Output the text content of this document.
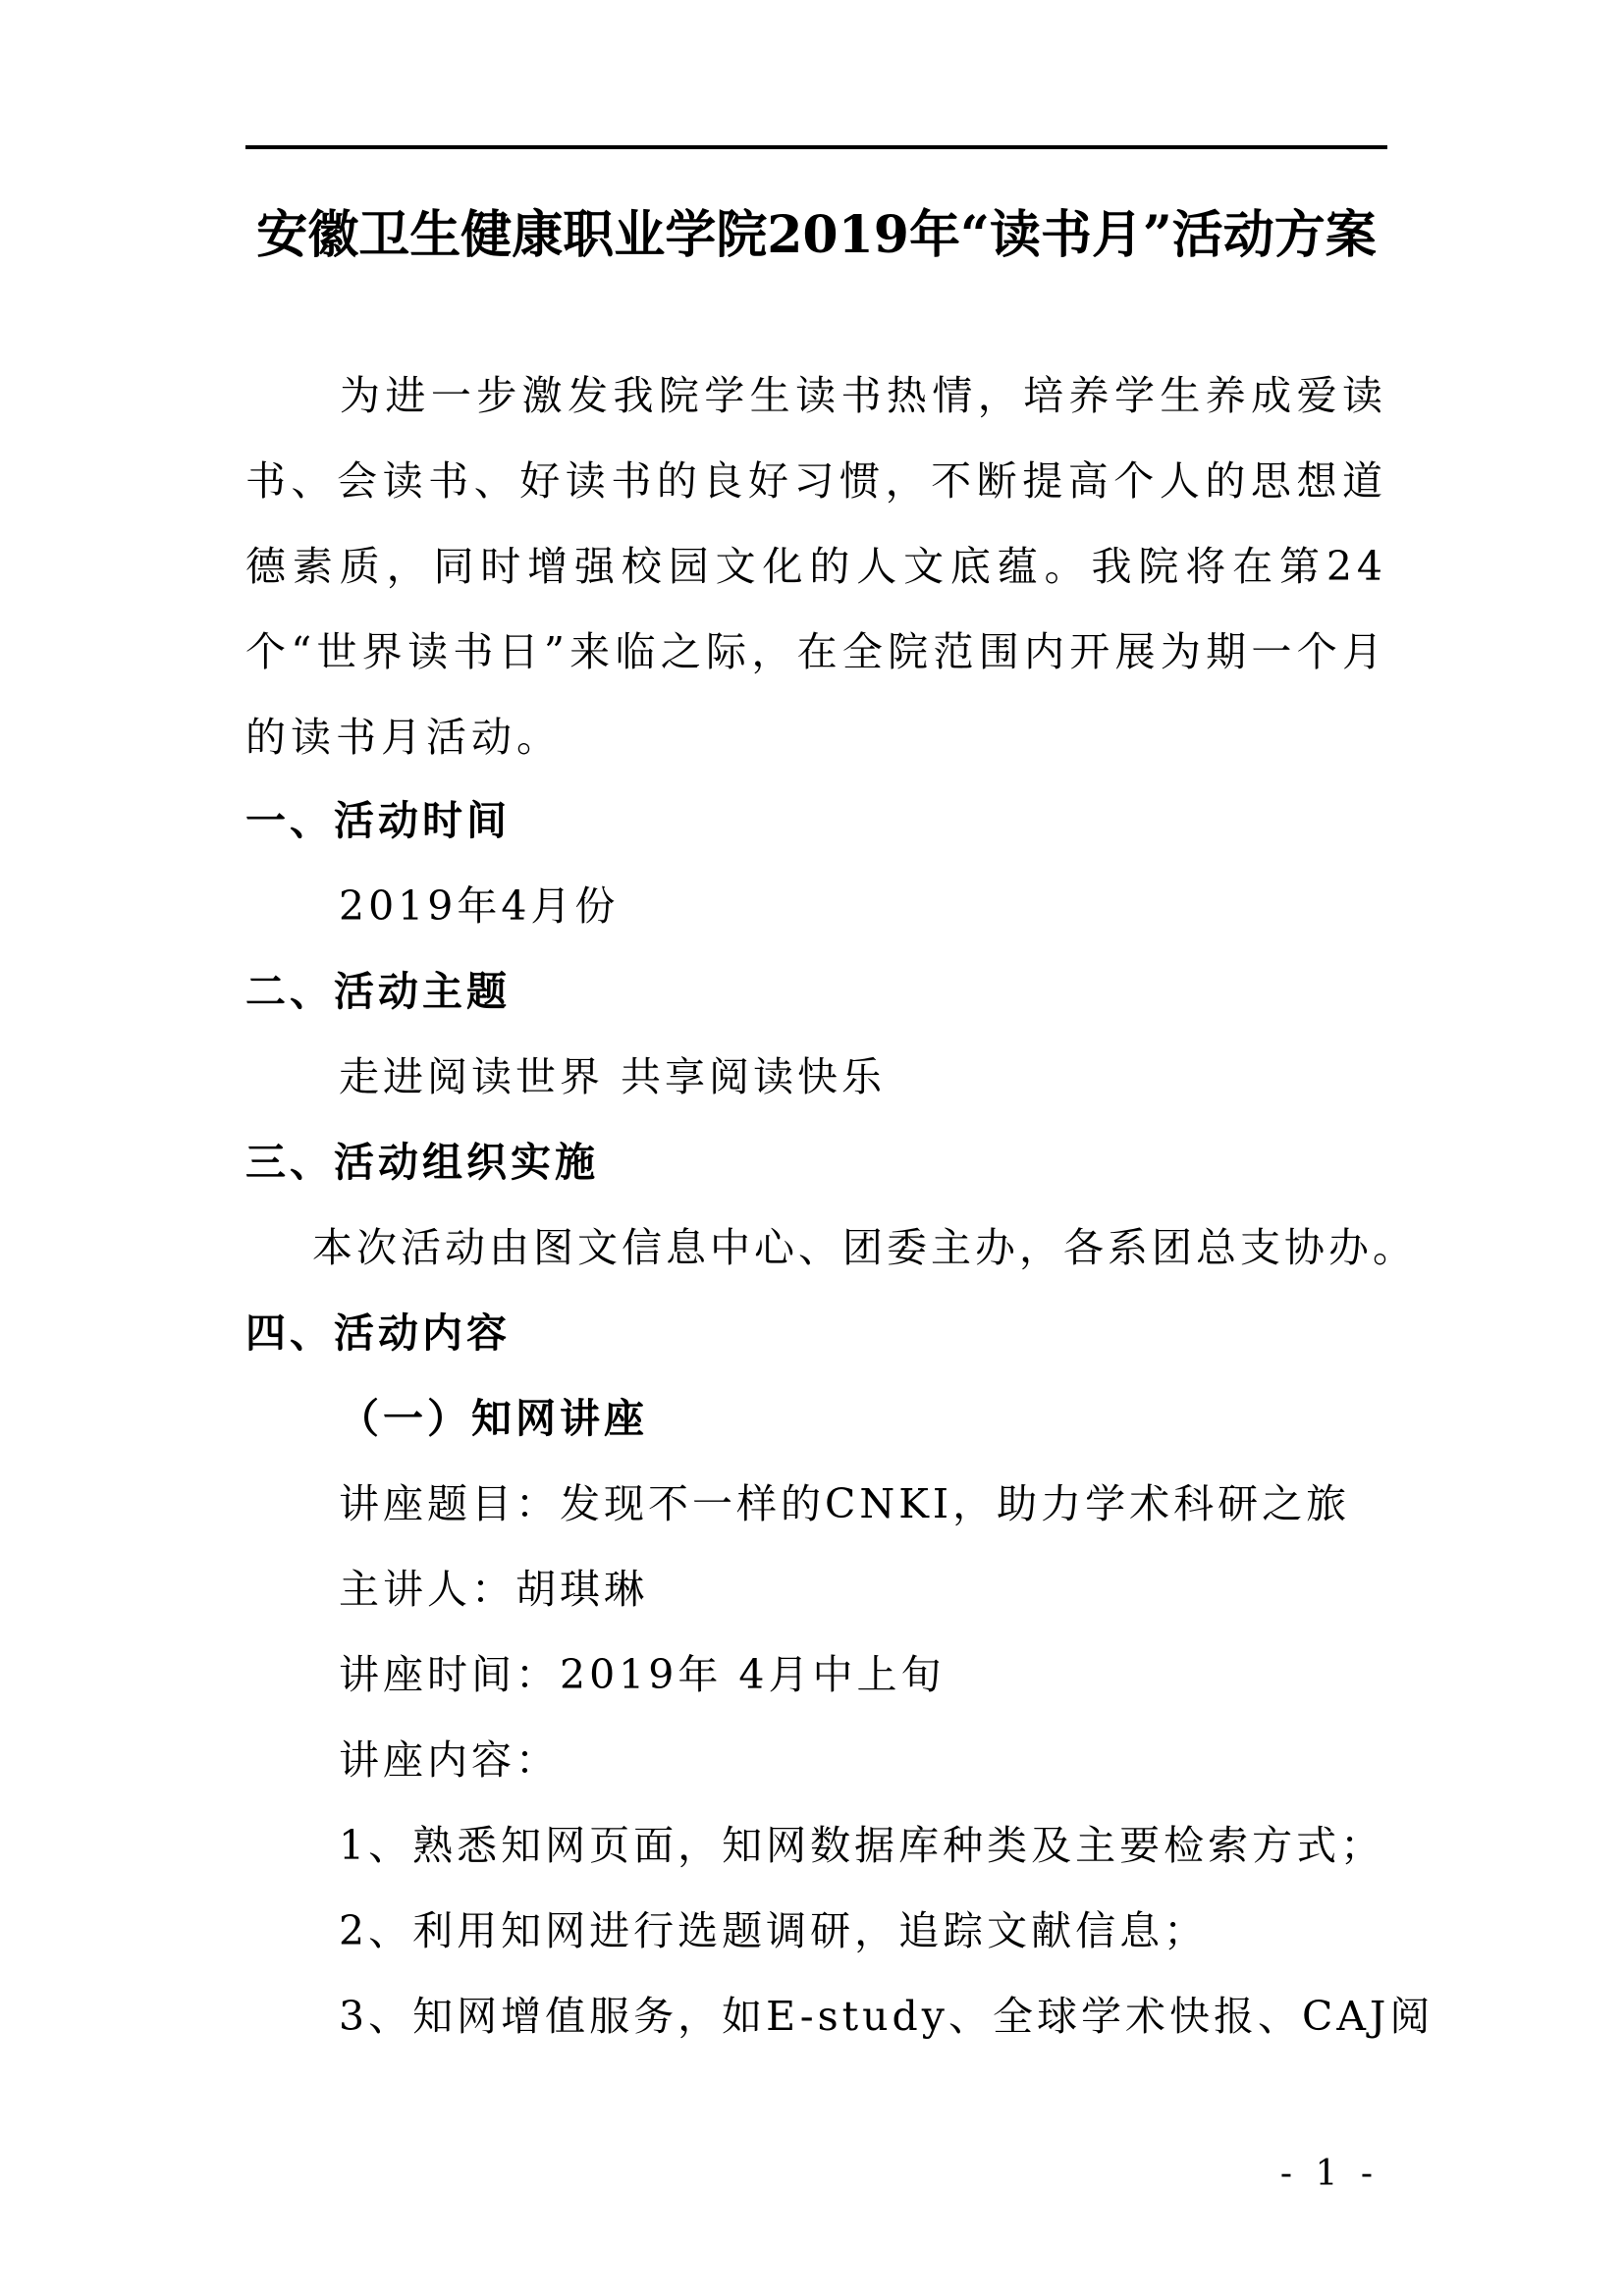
安徽卫生健康职业学院2019年“读书月”活动方案
为进一步激发我院学生读书热情，培养学生养成爱读书、会读书、好读书的良好习惯，不断提高个人的思想道德素质，同时增强校园文化的人文底蕴。我院将在第24个“世界读书日”来临之际，在全院范围内开展为期一个月的读书月活动。
一、活动时间
2019年4月份
二、活动主题
走进阅读世界 共享阅读快乐
三、活动组织实施
本次活动由图文信息中心、团委主办，各系团总支协办。
四、活动内容
（一）知网讲座
讲座题目：发现不一样的CNKI，助力学术科研之旅
主讲人：胡琪琳
讲座时间：2019年 4月中上旬
讲座内容：
1、熟悉知网页面，知网数据库种类及主要检索方式；
2、利用知网进行选题调研，追踪文献信息；
3、知网增值服务，如E-study、全球学术快报、CAJ阅
- 1 -
